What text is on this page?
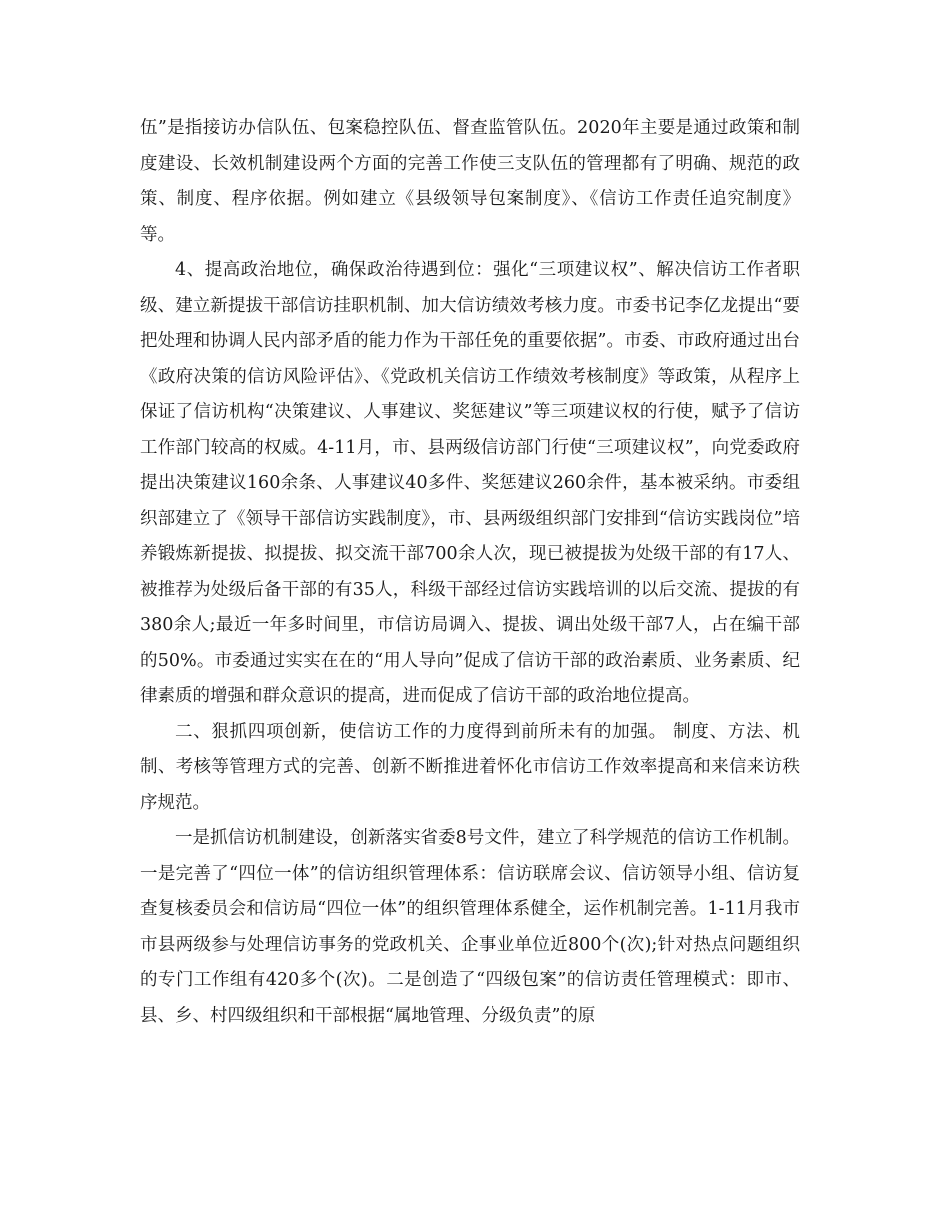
伍”是指接访办信队伍、包案稳控队伍、督查监管队伍。2020年主要是通过政策和制度建设、长效机制建设两个方面的完善工作使三支队伍的管理都有了明确、规范的政策、制度、程序依据。例如建立《县级领导包案制度》、《信访工作责任追究制度》等。

4、提高政治地位，确保政治待遇到位：强化“三项建议权”、解决信访工作者职级、建立新提拔干部信访挂职机制、加大信访绩效考核力度。市委书记李亿龙提出“要把处理和协调人民内部矛盾的能力作为干部任免的重要依据”。市委、市政府通过出台《政府决策的信访风险评估》、《党政机关信访工作绩效考核制度》等政策，从程序上保证了信访机构“决策建议、人事建议、奖惩建议”等三项建议权的行使，赋予了信访工作部门较高的权威。4-11月，市、县两级信访部门行使“三项建议权”，向党委政府提出决策建议160余条、人事建议40多件、奖惩建议260余件，基本被采纳。市委组织部建立了《领导干部信访实践制度》，市、县两级组织部门安排到“信访实践岗位”培养锻炼新提拔、拟提拔、拟交流干部700余人次，现已被提拔为处级干部的有17人、被推荐为处级后备干部的有35人，科级干部经过信访实践培训的以后交流、提拔的有380余人;最近一年多时间里，市信访局调入、提拔、调出处级干部7人，占在编干部的50%。市委通过实实在在的“用人导向”促成了信访干部的政治素质、业务素质、纪律素质的增强和群众意识的提高，进而促成了信访干部的政治地位提高。

二、狠抓四项创新，使信访工作的力度得到前所未有的加强。 制度、方法、机制、考核等管理方式的完善、创新不断推进着怀化市信访工作效率提高和来信来访秩序规范。

一是抓信访机制建设，创新落实省委8号文件，建立了科学规范的信访工作机制。一是完善了“四位一体”的信访组织管理体系：信访联席会议、信访领导小组、信访复查复核委员会和信访局“四位一体”的组织管理体系健全，运作机制完善。1-11月我市市县两级参与处理信访事务的党政机关、企事业单位近800个(次);针对热点问题组织的专门工作组有420多个(次)。二是创造了“四级包案”的信访责任管理模式：即市、县、乡、村四级组织和干部根据“属地管理、分级负责”的原
